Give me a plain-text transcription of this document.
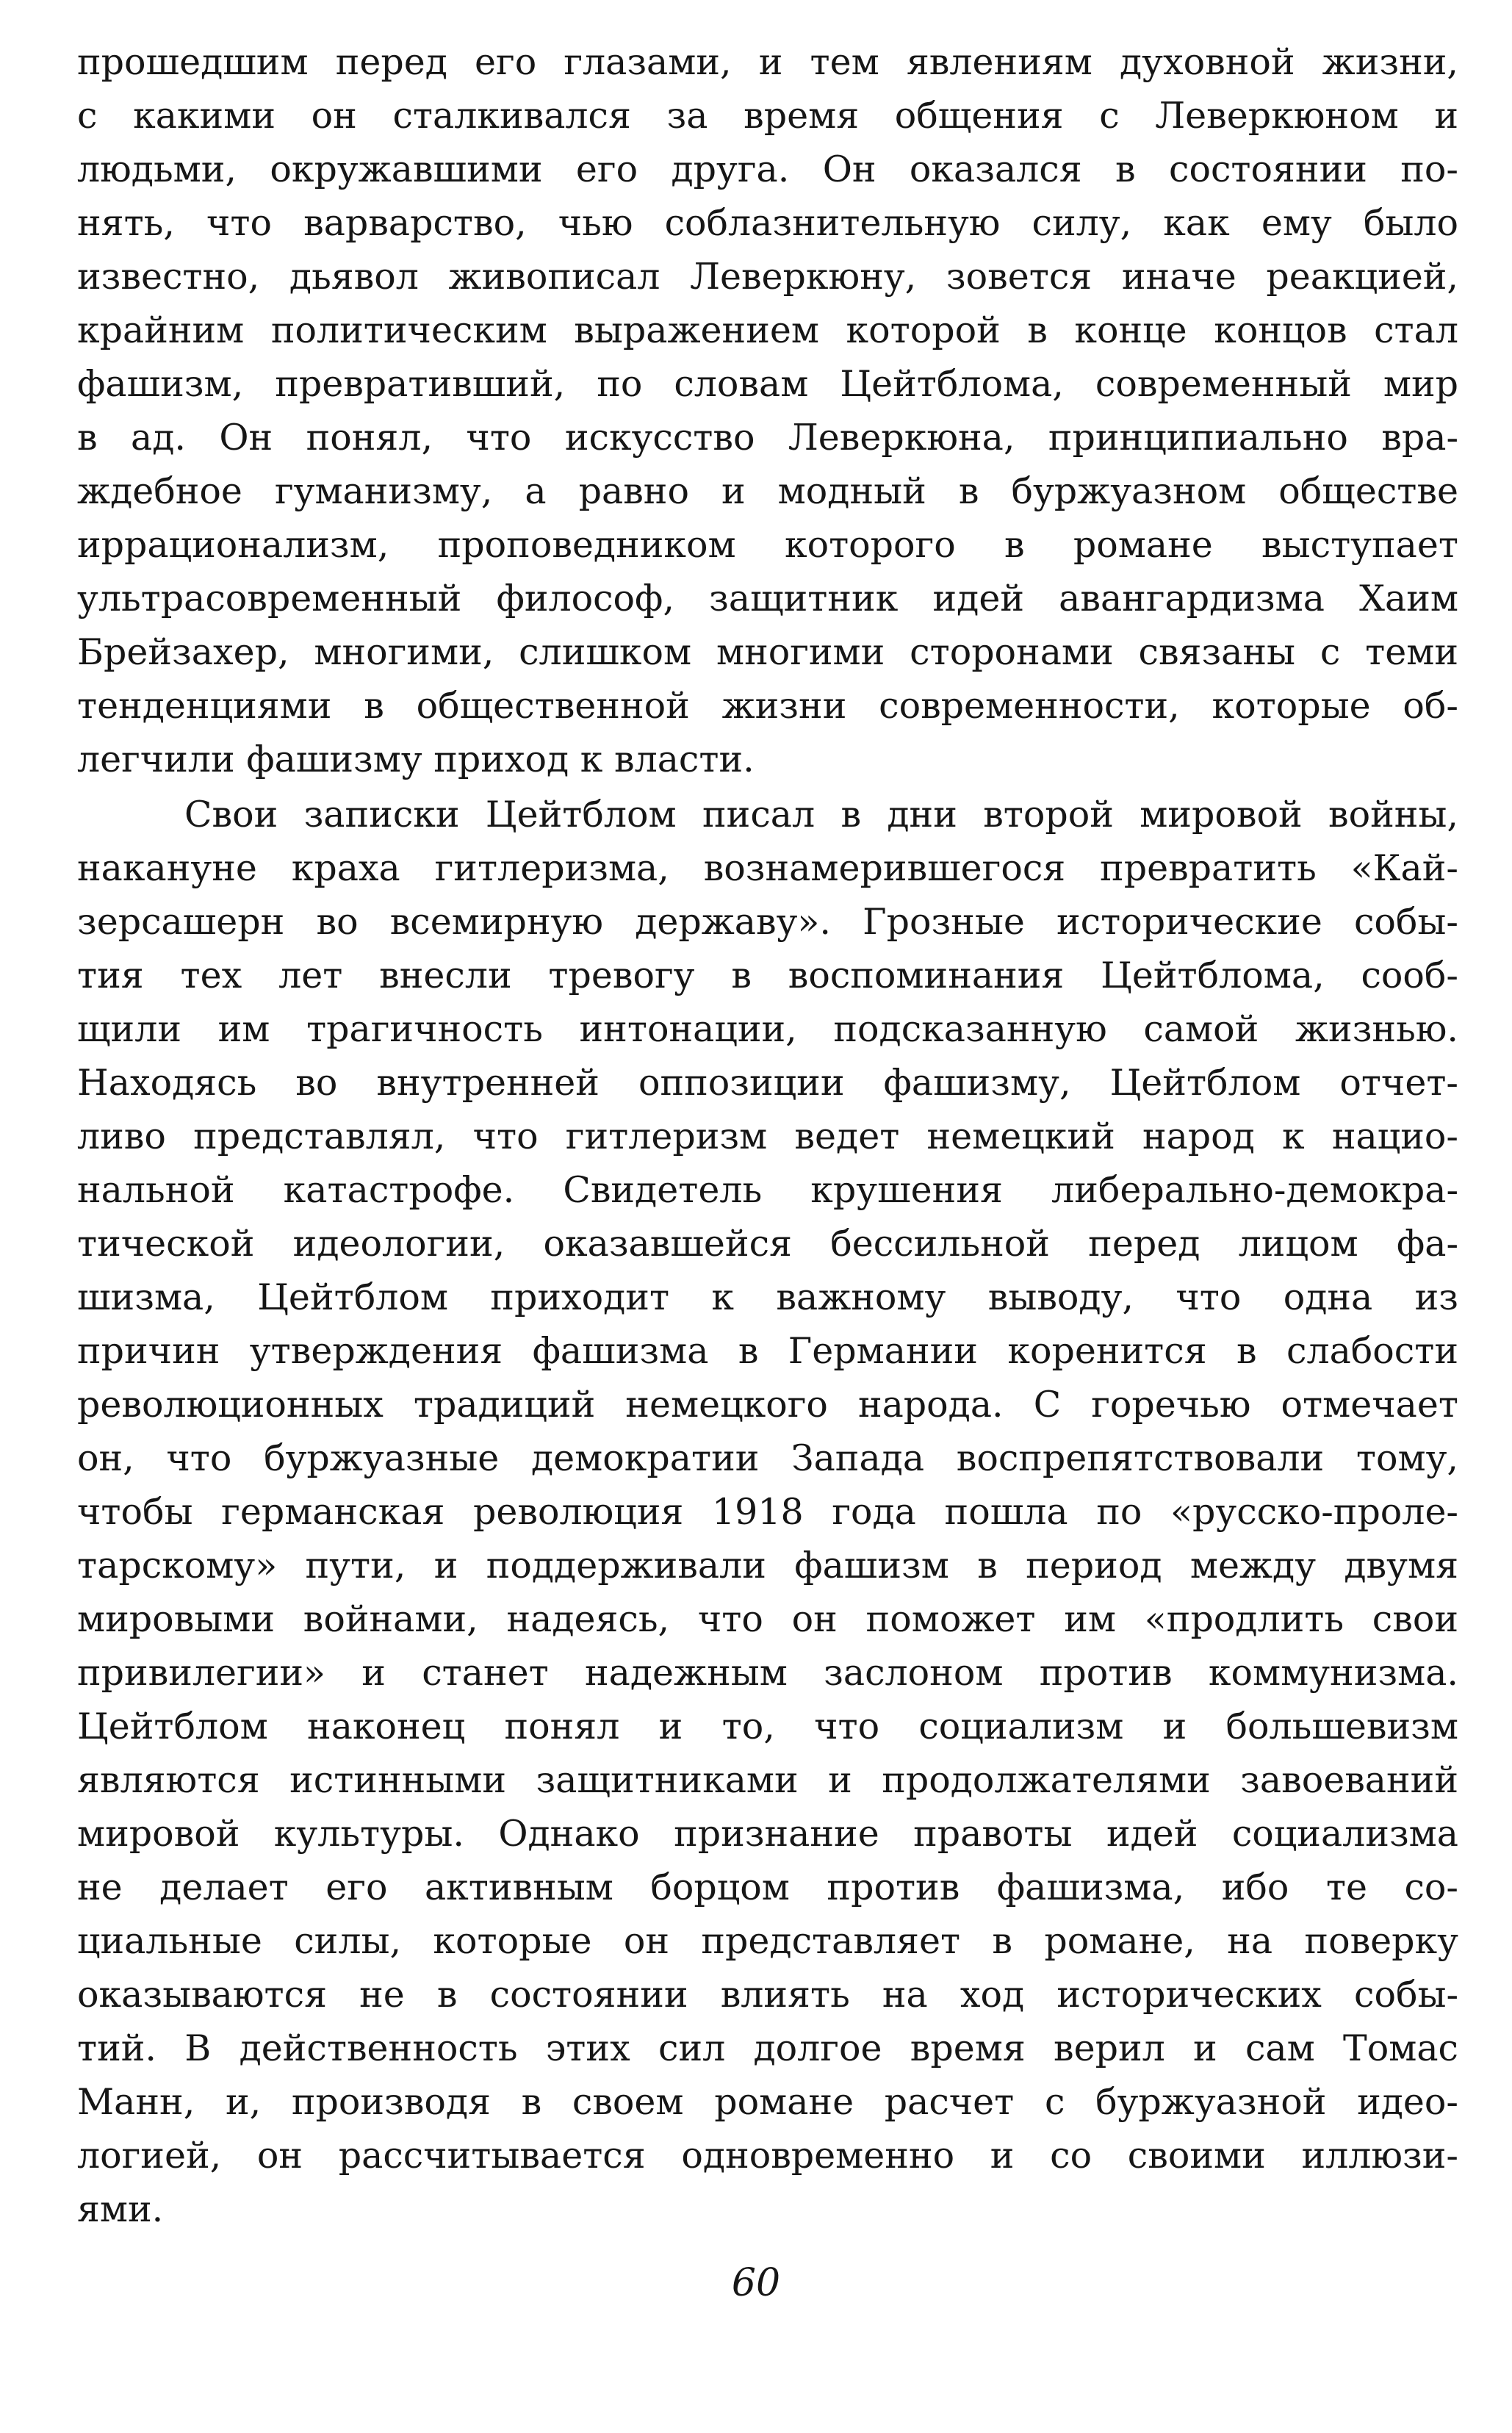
прошедшим перед его глазами, и тем явлениям духовной жизни,
с какими он сталкивался за время общения с Леверкюном и
людьми, окружавшими его друга. Он оказался в состоянии по-
нять, что варварство, чью соблазнительную силу, как ему было
известно, дьявол живописал Леверкюну, зовется иначе реакцией,
крайним политическим выражением которой в конце концов стал
фашизм, превративший, по словам Цейтблома, современный мир
в ад. Он понял, что искусство Леверкюна, принципиально вра-
ждебное гуманизму, а равно и модный в буржуазном обществе
иррационализм, проповедником которого в романе выступает
ультрасовременный философ, защитник идей авангардизма Хаим
Брейзахер, многими, слишком многими сторонами связаны с теми
тенденциями в общественной жизни современности, которые об-
легчили фашизму приход к власти.
Свои записки Цейтблом писал в дни второй мировой войны,
накануне краха гитлеризма, вознамерившегося превратить «Кай-
зерсашерн во всемирную державу». Грозные исторические собы-
тия тех лет внесли тревогу в воспоминания Цейтблома, сооб-
щили им трагичность интонации, подсказанную самой жизнью.
Находясь во внутренней оппозиции фашизму, Цейтблом отчет-
ливо представлял, что гитлеризм ведет немецкий народ к нацио-
нальной катастрофе. Свидетель крушения либерально-демокра-
тической идеологии, оказавшейся бессильной перед лицом фа-
шизма, Цейтблом приходит к важному выводу, что одна из
причин утверждения фашизма в Германии коренится в слабости
революционных традиций немецкого народа. С горечью отмечает
он, что буржуазные демократии Запада воспрепятствовали тому,
чтобы германская революция 1918 года пошла по «русско-проле-
тарскому» пути, и поддерживали фашизм в период между двумя
мировыми войнами, надеясь, что он поможет им «продлить свои
привилегии» и станет надежным заслоном против коммунизма.
Цейтблом наконец понял и то, что социализм и большевизм
являются истинными защитниками и продолжателями завоеваний
мировой культуры. Однако признание правоты идей социализма
не делает его активным борцом против фашизма, ибо те со-
циальные силы, которые он представляет в романе, на поверку
оказываются не в состоянии влиять на ход исторических собы-
тий. В действенность этих сил долгое время верил и сам Томас
Манн, и, производя в своем романе расчет с буржуазной идео-
логией, он рассчитывается одновременно и со своими иллюзи-
ями.
60
